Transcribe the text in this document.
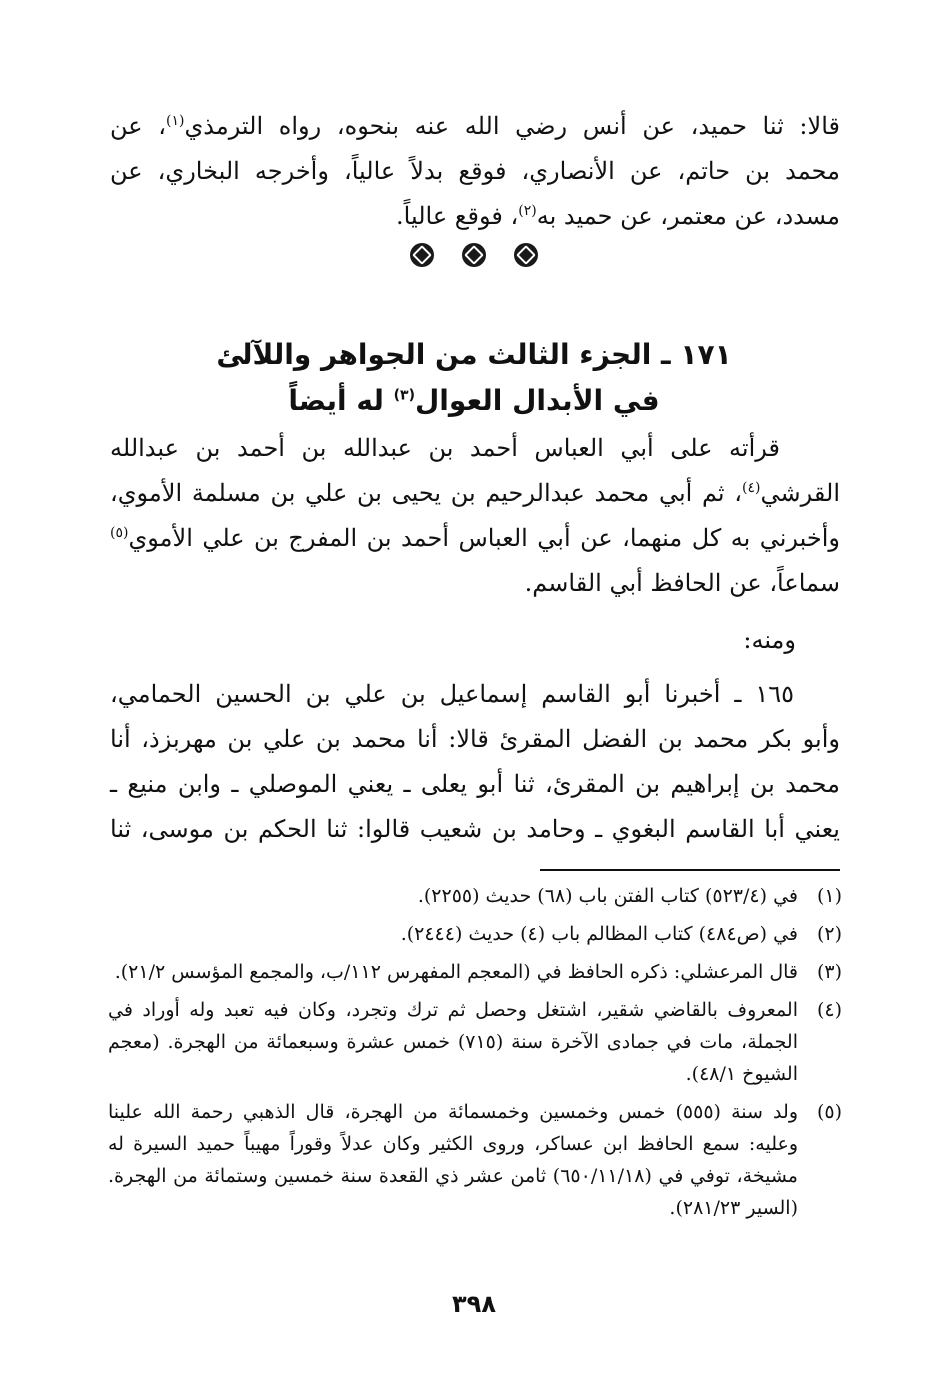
قالا: ثنا حميد، عن أنس رضي الله عنه بنحوه، رواه الترمذي$^{(١)}$، عن
محمد بن حاتم، عن الأنصاري، فوقع بدلاً عالياً، وأخرجه البخاري، عن
مسدد، عن معتمر، عن حميد به$^{(٢)}$، فوقع عالياً.
١٧١ ـ الجزء الثالث من الجواهر واللآلئ
في الأبدال العوال$^{(٣)}$ له أيضاً
قرأته على أبي العباس أحمد بن عبدالله بن أحمد بن عبدالله
القرشي$^{(٤)}$، ثم أبي محمد عبدالرحيم بن يحيى بن علي بن مسلمة الأموي،
وأخبرني به كل منهما، عن أبي العباس أحمد بن المفرج بن علي الأموي$^{(٥)}$
سماعاً، عن الحافظ أبي القاسم.
ومنه:
١٦٥ ـ أخبرنا أبو القاسم إسماعيل بن علي بن الحسين الحمامي،
وأبو بكر محمد بن الفضل المقرئ قالا: أنا محمد بن علي بن مهربزذ، أنا
محمد بن إبراهيم بن المقرئ، ثنا أبو يعلى ـ يعني الموصلي ـ وابن منيع ـ
يعني أبا القاسم البغوي ـ وحامد بن شعيب قالوا: ثنا الحكم بن موسى، ثنا
(١)
في (٥٢٣/٤) كتاب الفتن باب (٦٨) حديث (٢٢٥٥).
(٢)
في (ص٤٨٤) كتاب المظالم باب (٤) حديث (٢٤٤٤).
(٣)
قال المرعشلي: ذكره الحافظ في (المعجم المفهرس ١١٢/ب، والمجمع المؤسس ٢١/٢).
(٤)
المعروف بالقاضي شقير، اشتغل وحصل ثم ترك وتجرد، وكان فيه تعبد وله أوراد في الجملة، مات في جمادى الآخرة سنة (٧١٥) خمس عشرة وسبعمائة من الهجرة. (معجم الشيوخ ٤٨/١).
(٥)
ولد سنة (٥٥٥) خمس وخمسين وخمسمائة من الهجرة، قال الذهبي رحمة الله علينا وعليه: سمع الحافظ ابن عساكر، وروى الكثير وكان عدلاً وقوراً مهيباً حميد السيرة له مشيخة، توفي في (٦٥٠/١١/١٨) ثامن عشر ذي القعدة سنة خمسين وستمائة من الهجرة. (السير ٢٨١/٢٣).
٣٩٨
